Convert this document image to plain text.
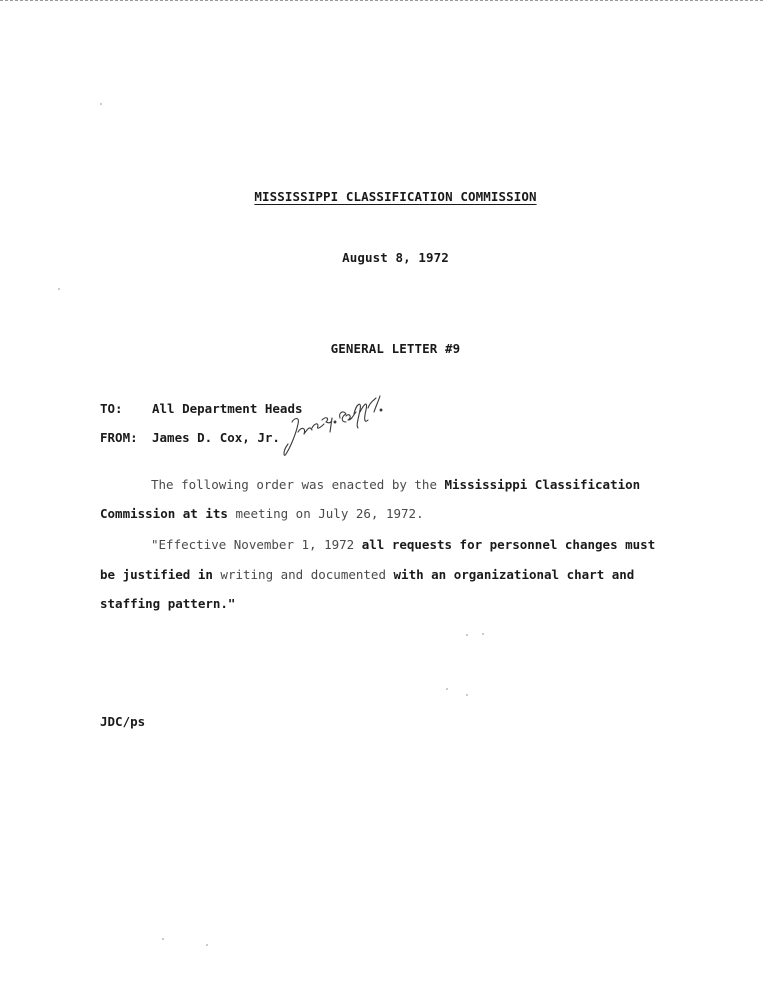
MISSISSIPPI CLASSIFICATION COMMISSION
August 8, 1972
GENERAL LETTER #9
TO: All Department Heads
FROM: James D. Cox, Jr.
The following order was enacted by the Mississippi Classification
Commission at its meeting on July 26, 1972.
"Effective November 1, 1972 all requests for personnel changes must
be justified in writing and documented with an organizational chart and
staffing pattern."
JDC/ps
